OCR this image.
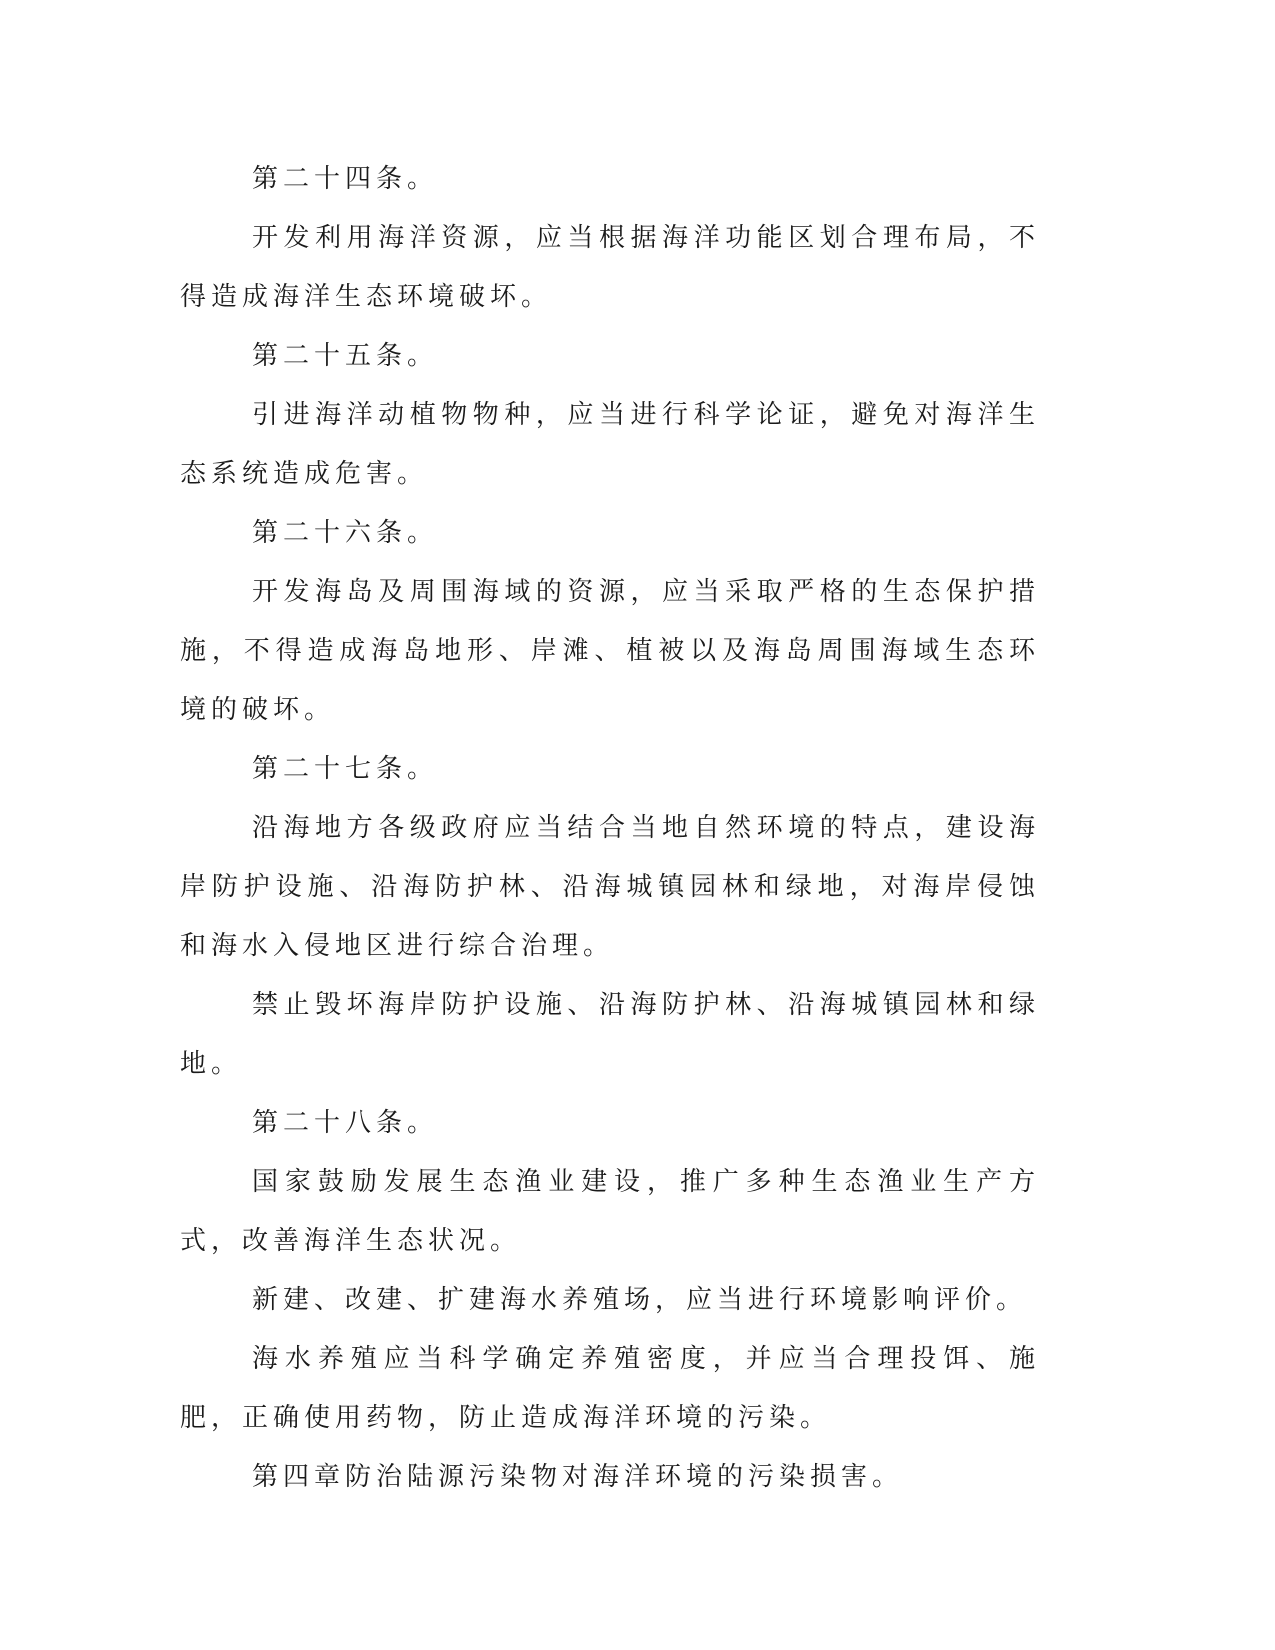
第二十四条。

开发利用海洋资源，应当根据海洋功能区划合理布局，不得造成海洋生态环境破坏。

第二十五条。

引进海洋动植物物种，应当进行科学论证，避免对海洋生态系统造成危害。

第二十六条。

开发海岛及周围海域的资源，应当采取严格的生态保护措施，不得造成海岛地形、岸滩、植被以及海岛周围海域生态环境的破坏。

第二十七条。

沿海地方各级政府应当结合当地自然环境的特点，建设海岸防护设施、沿海防护林、沿海城镇园林和绿地，对海岸侵蚀和海水入侵地区进行综合治理。

禁止毁坏海岸防护设施、沿海防护林、沿海城镇园林和绿地。

第二十八条。

国家鼓励发展生态渔业建设，推广多种生态渔业生产方式，改善海洋生态状况。

新建、改建、扩建海水养殖场，应当进行环境影响评价。

海水养殖应当科学确定养殖密度，并应当合理投饵、施肥，正确使用药物，防止造成海洋环境的污染。

第四章防治陆源污染物对海洋环境的污染损害。
